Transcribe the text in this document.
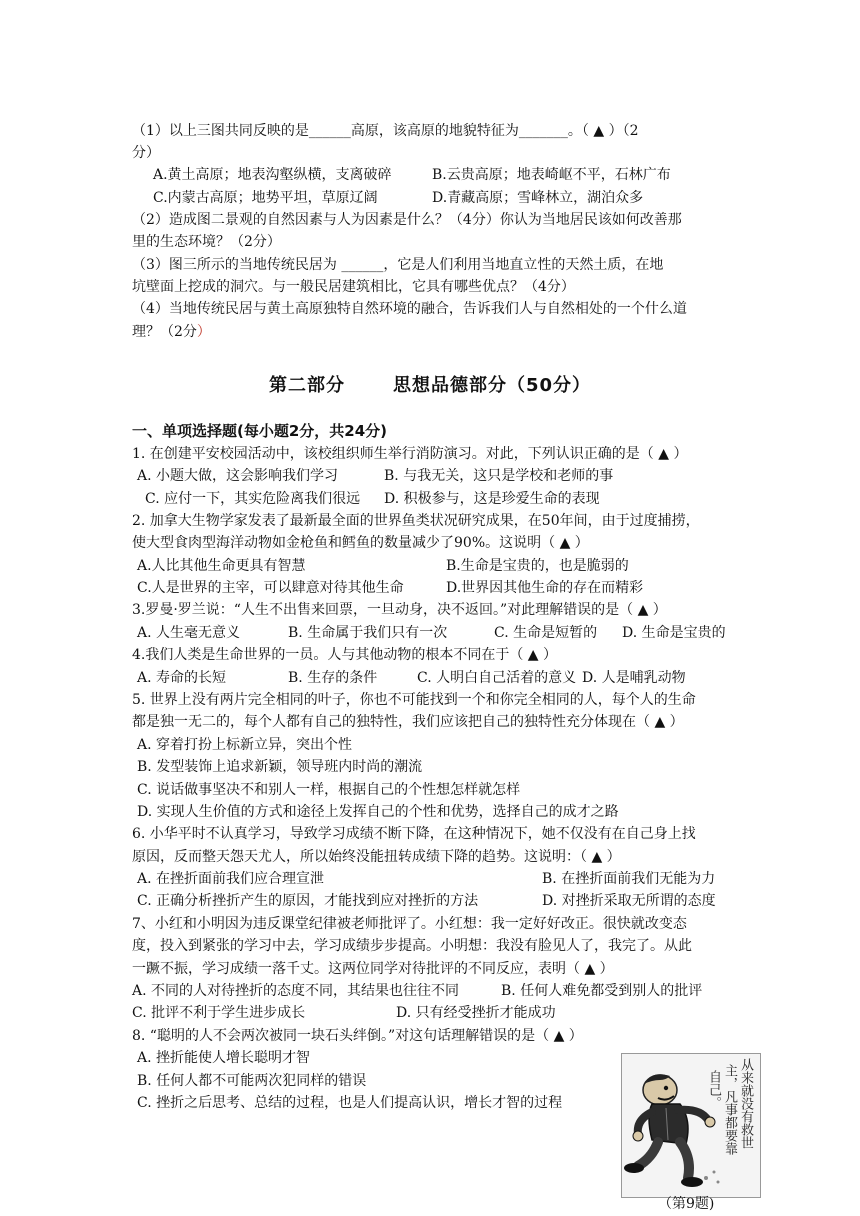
（1）以上三图共同反映的是______高原，该高原的地貌特征为_______。（ ▲ ）（2
分）
A.黄土高原；地表沟壑纵横，支离破碎	B.云贵高原；地表崎岖不平，石林广布
C.内蒙古高原；地势平坦，草原辽阔	D.青藏高原；雪峰林立，湖泊众多
（2）造成图二景观的自然因素与人为因素是什么？（4分）你认为当地居民该如何改善那
里的生态环境？（2分）
（3）图三所示的当地传统民居为 ______，它是人们利用当地直立性的天然土质，在地
坑壁面上挖成的洞穴。与一般民居建筑相比，它具有哪些优点？（4分）
（4）当地传统民居与黄土高原独特自然环境的融合，告诉我们人与自然相处的一个什么道
理？（2分）
第二部分	思想品德部分（50分）
一、单项选择题(每小题2分，共24分)
1. 在创建平安校园活动中，该校组织师生举行消防演习。对此，下列认识正确的是（ ▲ ）
A. 小题大做，这会影响我们学习	B. 与我无关，这只是学校和老师的事
C. 应付一下，其实危险离我们很远 D. 积极参与，这是珍爱生命的表现
2. 加拿大生物学家发表了最新最全面的世界鱼类状况研究成果，在50年间，由于过度捕捞，
使大型食肉型海洋动物如金枪鱼和鳕鱼的数量减少了90%。这说明（ ▲ ）
A.人比其他生命更具有智慧	B.生命是宝贵的，也是脆弱的
C.人是世界的主宰，可以肆意对待其他生命	D.世界因其他生命的存在而精彩
3.罗曼·罗兰说：“人生不出售来回票，一旦动身，决不返回。”对此理解错误的是（ ▲ ）
A. 人生毫无意义	B. 生命属于我们只有一次	C. 生命是短暂的 D. 生命是宝贵的
4.我们人类是生命世界的一员。人与其他动物的根本不同在于（ ▲ ）
A. 寿命的长短	B. 生存的条件	C. 人明白自己活着的意义 D. 人是哺乳动物
5. 世界上没有两片完全相同的叶子，你也不可能找到一个和你完全相同的人，每个人的生命
都是独一无二的，每个人都有自己的独特性，我们应该把自己的独特性充分体现在（ ▲ ）
A. 穿着打扮上标新立异，突出个性
B. 发型装饰上追求新颖，领导班内时尚的潮流
C. 说话做事坚决不和别人一样，根据自己的个性想怎样就怎样
D. 实现人生价值的方式和途径上发挥自己的个性和优势，选择自己的成才之路
6. 小华平时不认真学习，导致学习成绩不断下降，在这种情况下，她不仅没有在自己身上找
原因，反而整天怨天尤人，所以始终没能扭转成绩下降的趋势。这说明：（ ▲ ）
A. 在挫折面前我们应合理宣泄	B. 在挫折面前我们无能为力
C. 正确分析挫折产生的原因，才能找到应对挫折的方法	D. 对挫折采取无所谓的态度
7、小红和小明因为违反课堂纪律被老师批评了。小红想：我一定好好改正。很快就改变态
度，投入到紧张的学习中去，学习成绩步步提高。小明想：我没有脸见人了，我完了。从此
一蹶不振，学习成绩一落千丈。这两位同学对待批评的不同反应，表明（ ▲ ）
A. 不同的人对待挫折的态度不同，其结果也往往不同	B. 任何人难免都受到别人的批评
C. 批评不利于学生进步成长	D. 只有经受挫折才能成功
8. “聪明的人不会两次被同一块石头绊倒。”对这句话理解错误的是（ ▲ ）
A. 挫折能使人增长聪明才智
B. 任何人都不可能两次犯同样的错误
C. 挫折之后思考、总结的过程，也是人们提高认识，增长才智的过程	从来就没有救世
主，凡事都要靠
自己。
（第9题)
